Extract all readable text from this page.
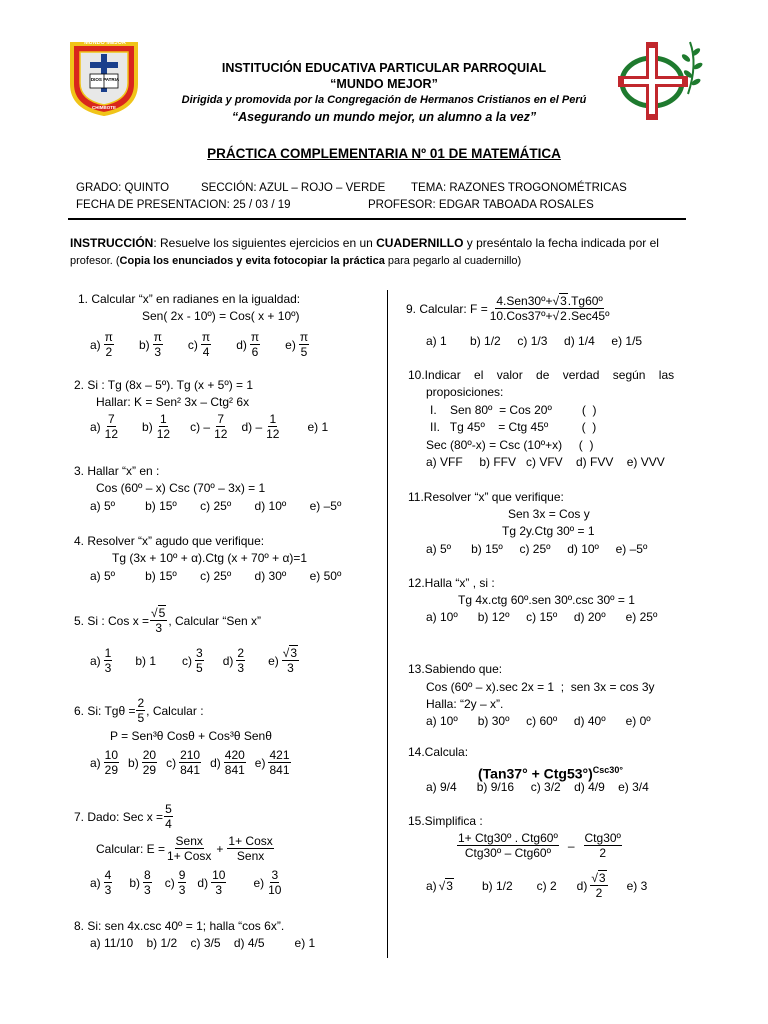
MUNDO MEJOR
DIOS PATRIA
CHIMBOTE
INSTITUCIÓN EDUCATIVA PARTICULAR PARROQUIAL
“MUNDO MEJOR”
Dirigida y promovida por la Congregación de Hermanos Cristianos en el Perú
“Asegurando un mundo mejor, un alumno a la vez”
PRÁCTICA COMPLEMENTARIA Nº 01 DE MATEMÁTICA
GRADO: QUINTO	SECCIÓN: AZUL – ROJO – VERDE TEMA: RAZONES TROGONOMÉTRICAS
FECHA DE PRESENTACION: 25 / 03 / 19	PROFESOR: EDGAR TABOADA ROSALES
INSTRUCCIÓN: Resuelve los siguientes ejercicios en un CUADERNILLO y preséntalo la fecha indicada por el
profesor. (Copia los enunciados y evita fotocopiar la práctica para pegarlo al cuadernillo)
1. Calcular “x” en radianes en la igualdad:
Sen( 2x - 10º) = Cos( x + 10º)
a)
π
2
b)
π
3
c)
π
4
d)
π
6
e)
π
5
2. Si : Tg (8x – 5º). Tg (x + 5º) = 1
Hallar: K = Sen² 3x – Ctg² 6x
a)
7
12
b)
1
12
c) –
7
12
d) –
1
12
e) 1
3. Hallar “x” en :
Cos (60º – x) Csc (70º – 3x) = 1
a) 5º         b) 15º       c) 25º       d) 10º       e) –5º
4. Resolver “x” agudo que verifique:
Tg (3x + 10º + α).Ctg (x + 70º + α)=1
a) 5º         b) 15º       c) 25º       d) 30º       e) 50º
5. Si : Cos $x = \frac{√5}{3}$ , Calcular “Sen x”
a)
1
3
b) 1 c)
3
5
d)
2
3
e)
√3
3
6. Si: $Tg\theta = \frac{2}{5}$ , Calcular :
P = Sen³θ Cosθ + Cos³θ Senθ
a)
10
29
b)
20
29
c)
210
841
d)
420
841
e)
421
841
7. Dado: Sec $x = \frac{5}{4}$
Calcular: E =
Senx
1+ Cosx
+
1+ Cosx
Senx
a)
4
3
b)
8
3
c)
9
3
d)
10
3
e)
3
10
8. Si: sen 4x.csc 40º = 1; halla “cos 6x”.
a) 11/10    b) 1/2    c) 3/5    d) 4/5         e) 1
9. Calcular: F =
4.Sen30º+√3.Tg60º
10.Cos37º+√2.Sec45º
a) 1       b) 1/2     c) 1/3     d) 1/4     e) 1/5
10.Indicar    el    valor    de    verdad    según    las
proposiciones:
I.    Sen 80º  = Cos 20º         (  )
II.   Tg 45º    = Ctg 45º          (  )
Sec (80º-x) = Csc (10º+x)     (  )
a) VFF     b) FFV   c) VFV    d) FVV    e) VVV
11.Resolver “x” que verifique:
Sen 3x = Cos y
Tg 2y.Ctg 30º = 1
a) 5º      b) 15º     c) 25º     d) 10º     e) –5º
12.Halla “x” , si :
Tg 4x.ctg 60º.sen 30º.csc 30º = 1
a) 10º      b) 12º     c) 15º     d) 20º      e) 25º
13.Sabiendo que:
Cos (60º – x).sec 2x = 1  ;  sen 3x = cos 3y
Halla: “2y – x”.
a) 10º      b) 30º     c) 60º     d) 40º      e) 0º
14.Calcula:
$(Tan37^\circ + Ctg53^\circ)^{Csc30^\circ}$
a) 9/4      b) 9/16     c) 3/2    d) 4/9    e) 3/4
15.Simplifica :
1+ Ctg30º . Ctg60º
Ctg30º – Ctg60º
–
Ctg30º
2
a) √ 3 b) 1/2 c) 2 d)
√3
2
e) 3
